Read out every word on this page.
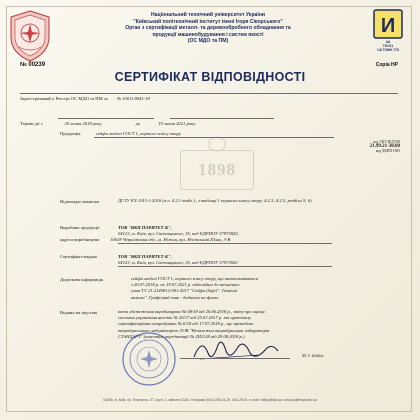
Національний технічний університет України
"Київський політехнічний інститут імені Ігоря Сікорського"
Орган з сертифікації металл- та деревообробного обладнання та
продукції машинобудування і систем якості
(ОС МДО та ПМ)
И
UA
TOO11
UA TONIK 778
№ 00239	Copia HP
СЕРТИФІКАТ ВІДПОВІДНОСТІ
1898
Зареєстрований у Реєстрі ОС МДО та ПМ за № 10011.8041-18
Термін дії з	20 липня 2018 року	до	19 липня 2021 року
Продукція	сейфи моделі ГОСТ 1, першого класу опору
код УКТ ЗЕД 038
21.99.21-30.00
код ДКПП 1905
Відповідає вимогам	ДСТУ EN 1143-1:2016 (п.п. 4.2.1 табл.1, з таблиці 1 першого класу опору; 4.2.3; 4.2.5, розділи 5; 6)
Виробник продукції	ТОВ "ВКП ПАРИТЕТ-К",
04123, м. Київ, вул. Світлицького, 35, код ЄДРПОУ 37973820,
адреса виробництва 10618 Чернігівська обл., м. Ніжин, вул. Носівський Шлях, 3-В
Сертифікат видано	ТОВ "ВКП ПАРИТЕТ-К",
04123, м. Київ, вул. Світлицького, 35, код ЄДРПОУ 37973820
Додаткова інформація	сейфи моделі ГОСТ 1, першого класу опору, що виготовляються
з 20.07.2018 р. по 19.07.2021 р. відповідно до технічних
умов ТУ 21.2140812-001-2017 "Сейфи (Safe)". Технічні
вимоги". Графічний знак - додаток на фото.
Видано на підставі	акта обстеження виробництва № 08/18 від 20.06.2018 р., звіту про оцінку
системи управління якістю № 20/17 від 25.07.2017 р. та протоколу
сертифікаційних випробувань № 6/18 від 17.07.2018 р., що проведено
випробувальною лабораторією ТОВ "Незалежна випробувальна лабораторія
СТАНДАРТ" (атестат акредитації № 2Н1128 від 29.08.2018 р.)
М. І. Бобер
03056, м. Київ, пр. Перемоги, 37, корп. 1, кімната 218а. Тел/факс (044) 236-44-29, 404-29-01; e-mail: ruiikpi@kpi.ua; www.polelekpi.kiev.ua
